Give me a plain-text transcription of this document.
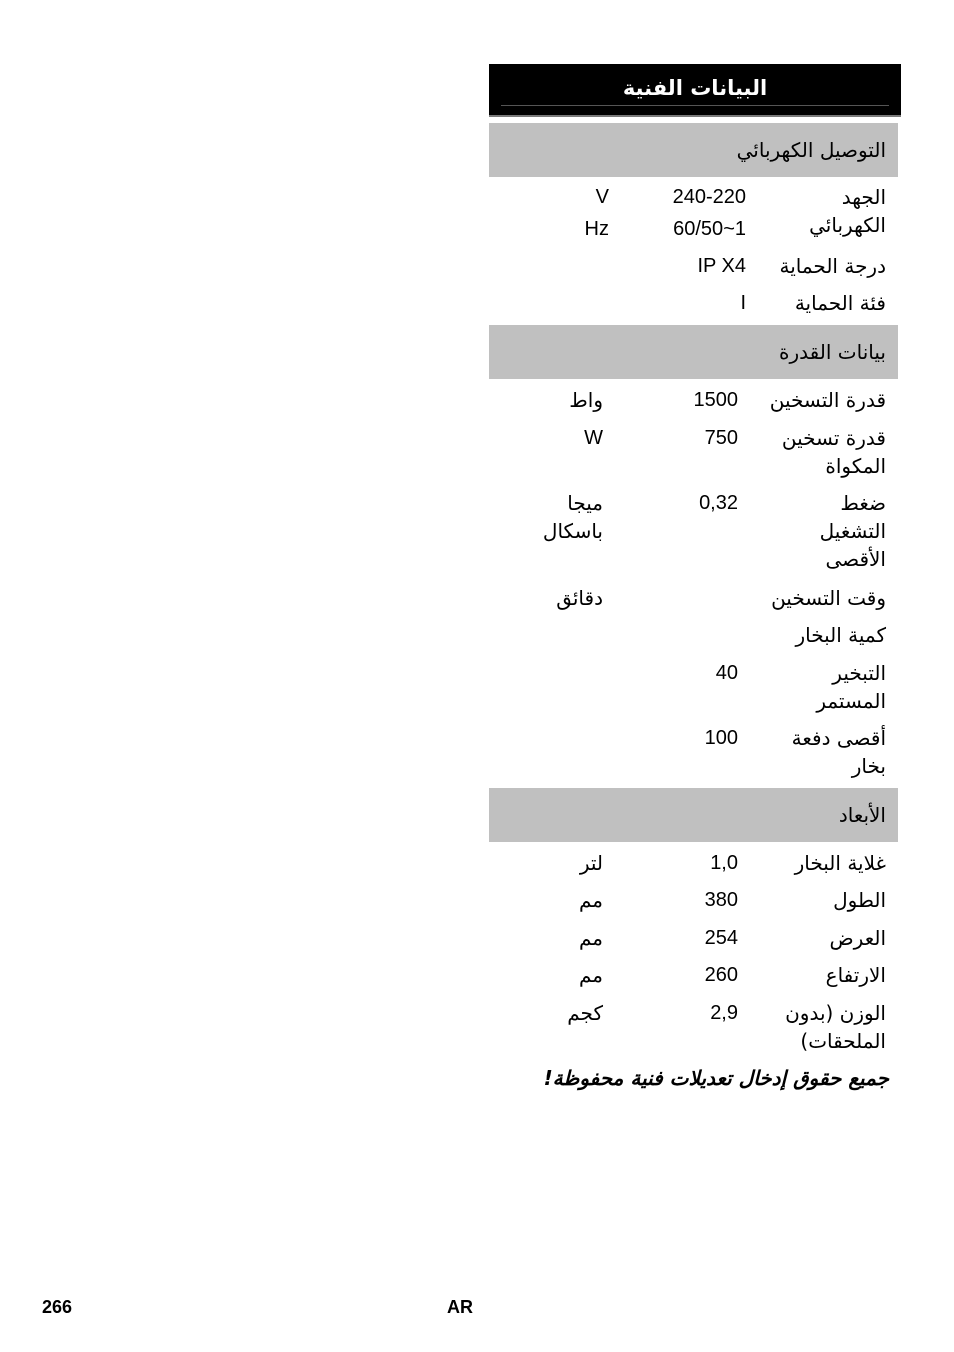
البيانات الفنية
التوصيل الكهربائي
الجهد الكهربائي
240-220
1~60/50
V
Hz
درجة الحماية
IP X4
فئة الحماية
I
بيانات القدرة
قدرة التسخين
1500
واط
قدرة تسخين المكواة
750
W
ضغط التشغيل الأقصى
0,32
ميجا باسكال
وقت التسخين
دقائق
كمية البخار
التبخير المستمر
40
أقصى دفعة بخار
100
الأبعاد
غلاية البخار
1,0
لتر
الطول
380
مم
العرض
254
مم
الارتفاع
260
مم
الوزن (بدون الملحقات)
2,9
كجم
جميع حقوق إدخال تعديلات فنية محفوظة!
266	AR
